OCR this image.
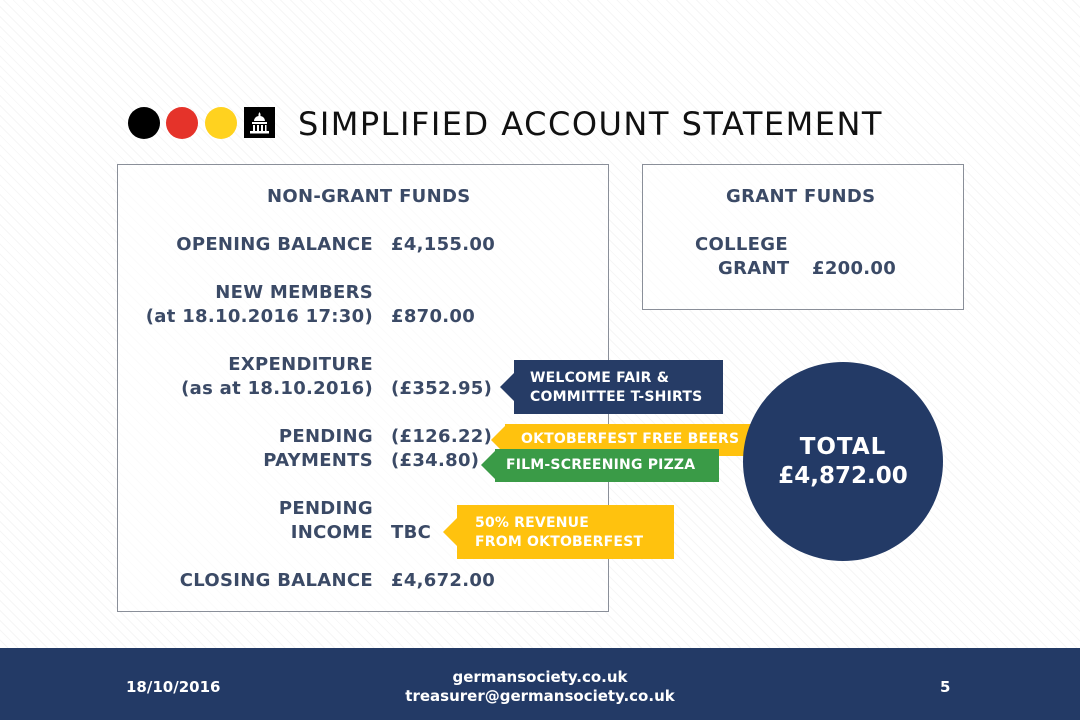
SIMPLIFIED ACCOUNT STATEMENT
NON-GRANT FUNDS
OPENING BALANCE £4,155.00
NEW MEMBERS
(at 18.10.2016 17:30) £870.00
EXPENDITURE
(as at 18.10.2016) (£352.95)
PENDING
PAYMENTS
(£126.22)
(£34.80)
PENDING
INCOME TBC
CLOSING BALANCE £4,672.00
GRANT FUNDS
COLLEGE
GRANT £200.00
OKTOBERFEST FREE BEERS
WELCOME FAIR &
COMMITTEE T-SHIRTS
FILM-SCREENING PIZZA
50% REVENUE
FROM OKTOBERFEST
TOTAL
£4,872.00
18/10/2016
germansociety.co.uk
treasurer@germansociety.co.uk	5
